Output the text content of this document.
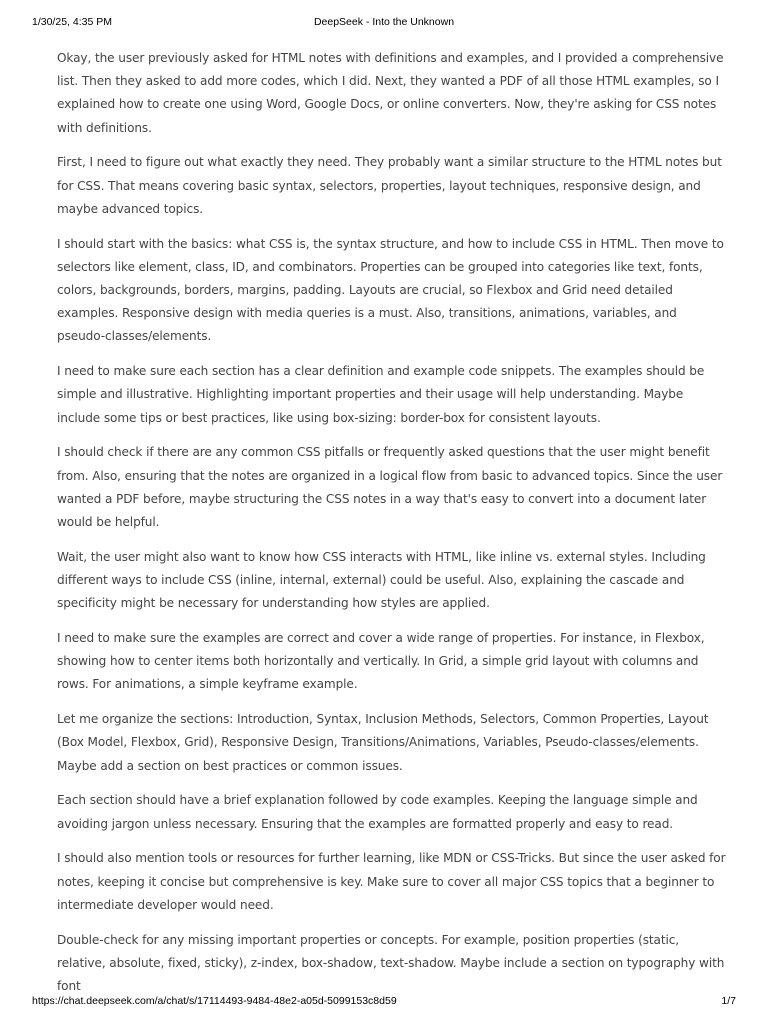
1/30/25, 4:35 PM	DeepSeek - Into the Unknown

Okay, the user previously asked for HTML notes with definitions and examples, and I provided a comprehensive list. Then they asked to add more codes, which I did. Next, they wanted a PDF of all those HTML examples, so I explained how to create one using Word, Google Docs, or online converters. Now, they're asking for CSS notes with definitions.

First, I need to figure out what exactly they need. They probably want a similar structure to the HTML notes but for CSS. That means covering basic syntax, selectors, properties, layout techniques, responsive design, and maybe advanced topics.

I should start with the basics: what CSS is, the syntax structure, and how to include CSS in HTML. Then move to selectors like element, class, ID, and combinators. Properties can be grouped into categories like text, fonts, colors, backgrounds, borders, margins, padding. Layouts are crucial, so Flexbox and Grid need detailed examples. Responsive design with media queries is a must. Also, transitions, animations, variables, and pseudo-classes/elements.

I need to make sure each section has a clear definition and example code snippets. The examples should be simple and illustrative. Highlighting important properties and their usage will help understanding. Maybe include some tips or best practices, like using box-sizing: border-box for consistent layouts.

I should check if there are any common CSS pitfalls or frequently asked questions that the user might benefit from. Also, ensuring that the notes are organized in a logical flow from basic to advanced topics. Since the user wanted a PDF before, maybe structuring the CSS notes in a way that's easy to convert into a document later would be helpful.

Wait, the user might also want to know how CSS interacts with HTML, like inline vs. external styles. Including different ways to include CSS (inline, internal, external) could be useful. Also, explaining the cascade and specificity might be necessary for understanding how styles are applied.

I need to make sure the examples are correct and cover a wide range of properties. For instance, in Flexbox, showing how to center items both horizontally and vertically. In Grid, a simple grid layout with columns and rows. For animations, a simple keyframe example.

Let me organize the sections: Introduction, Syntax, Inclusion Methods, Selectors, Common Properties, Layout (Box Model, Flexbox, Grid), Responsive Design, Transitions/Animations, Variables, Pseudo-classes/elements. Maybe add a section on best practices or common issues.

Each section should have a brief explanation followed by code examples. Keeping the language simple and avoiding jargon unless necessary. Ensuring that the examples are formatted properly and easy to read.

I should also mention tools or resources for further learning, like MDN or CSS-Tricks. But since the user asked for notes, keeping it concise but comprehensive is key. Make sure to cover all major CSS topics that a beginner to intermediate developer would need.

Double-check for any missing important properties or concepts. For example, position properties (static, relative, absolute, fixed, sticky), z-index, box-shadow, text-shadow. Maybe include a section on typography with font

https://chat.deepseek.com/a/chat/s/17114493-9484-48e2-a05d-5099153c8d59	1/7
